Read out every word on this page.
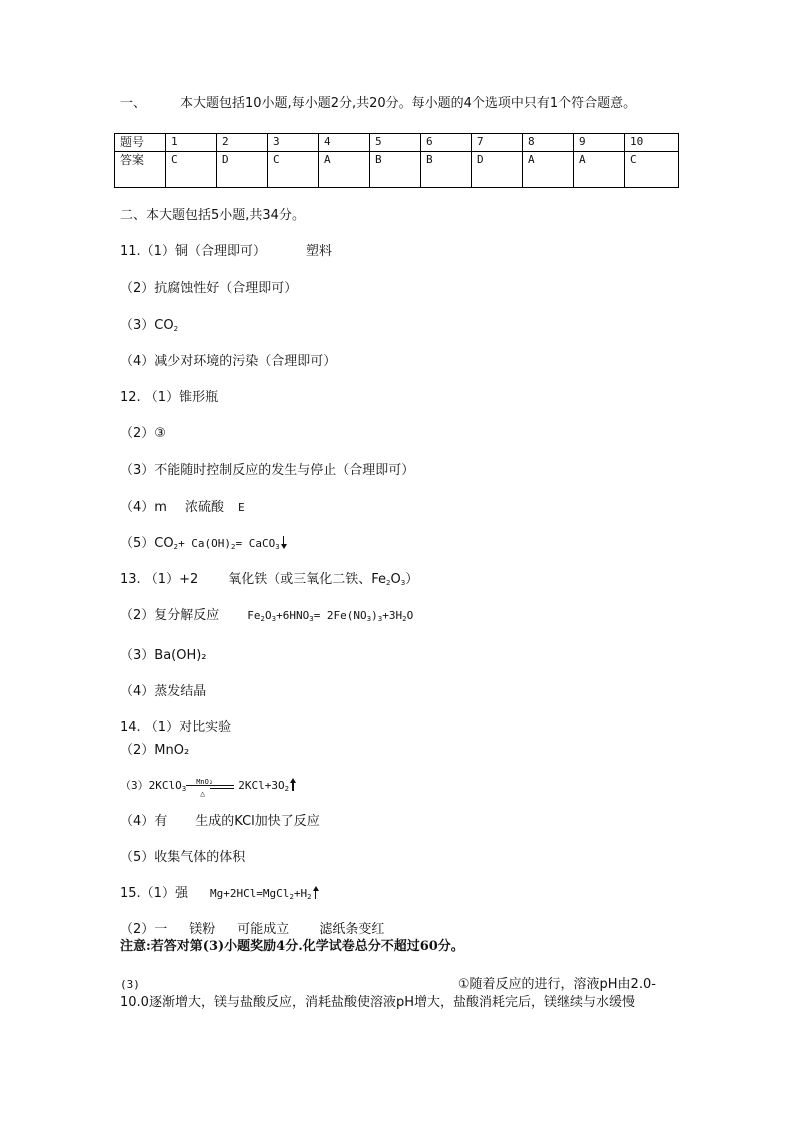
一、	本大题包括10小题,每小题2分,共20分。每小题的4个选项中只有1个符合题意。
题号	1	2	3	4	5	6	7	8	9	10
答案	C	D	C	A	B	B	D	A	A	C
二、本大题包括5小题,共34分。
11.（1）铜（合理即可）	塑料
（2）抗腐蚀性好（合理即可）
$(3)CO_2$
（4）减少对环境的污染（合理即可）
12. （1）锥形瓶
（2）③
（3）不能随时控制反应的发生与停止（合理即可）
（4）m 浓硫酸 E
$(5)CO_2+ Ca(OH)_2=$ CaCO$_3$
13. （1）+2 氧化铁（或三氧化二铁、$Fe_2O_3$）
（2）复分解反应	$Fe_2O_3+6HNO_3= 2Fe(NO_3)_3+3H_2O$
（3）Ba(OH)₂
（4）蒸发结晶
14. （1）对比实验
（2）MnO₂
（3）2KClO$_3$
MnO₂
△
$2KCl+3O_2$
（4）有 生成的KCl加快了反应
（5）收集气体的体积
15.（1）强 $Mg+2HCl=MgCl_2+H_2$
（2）一 镁粉 可能成立 滤纸条变红
注意:若答对第(3)小题奖励4分.化学试卷总分不超过60分。
(3)	①随着反应的进行，溶液pH由2.0-
10.0逐渐增大，镁与盐酸反应，消耗盐酸使溶液pH增大，盐酸消耗完后，镁继续与水缓慢
